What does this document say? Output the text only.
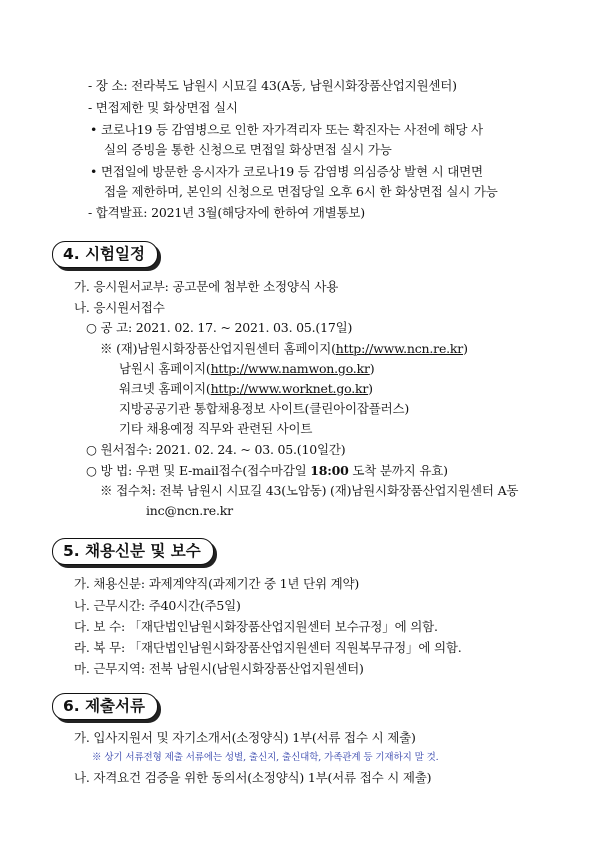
- 장 소: 전라북도 남원시 시묘길 43(A동, 남원시화장품산업지원센터)
- 면접제한 및 화상면접 실시
• 코로나19 등 감염병으로 인한 자가격리자 또는 확진자는 사전에 해당 사
실의 증빙을 통한 신청으로 면접일 화상면접 실시 가능
• 면접일에 방문한 응시자가 코로나19 등 감염병 의심증상 발현 시 대면면
접을 제한하며, 본인의 신청으로 면접당일 오후 6시 한 화상면접 실시 가능
- 합격발표: 2021년 3월(해당자에 한하여 개별통보)
4. 시험일정
가. 응시원서교부: 공고문에 첨부한 소정양식 사용
나. 응시원서접수
○ 공 고: 2021. 02. 17. ~ 2021. 03. 05.(17일)
※ (재)남원시화장품산업지원센터 홈페이지(http://www.ncn.re.kr)
남원시 홈페이지(http://www.namwon.go.kr)
워크넷 홈페이지(http://www.worknet.go.kr)
지방공공기관 통합채용정보 사이트(클린아이잡플러스)
기타 채용예정 직무와 관련된 사이트
○ 원서접수: 2021. 02. 24. ~ 03. 05.(10일간)
○ 방 법: 우편 및 E-mail접수(접수마감일 18:00 도착 분까지 유효)
※ 접수처: 전북 남원시 시묘길 43(노암동) (재)남원시화장품산업지원센터 A동
inc@ncn.re.kr
5. 채용신분 및 보수
가. 채용신분: 과제계약직(과제기간 중 1년 단위 계약)
나. 근무시간: 주40시간(주5일)
다. 보 수: 「재단법인남원시화장품산업지원센터 보수규정」에 의함.
라. 복 무: 「재단법인남원시화장품산업지원센터 직원복무규정」에 의함.
마. 근무지역: 전북 남원시(남원시화장품산업지원센터)
6. 제출서류
가. 입사지원서 및 자기소개서(소정양식) 1부(서류 접수 시 제출)
※ 상기 서류전형 제출 서류에는 성별, 출신지, 출신대학, 가족관계 등 기재하지 말 것.
나. 자격요건 검증을 위한 동의서(소정양식) 1부(서류 접수 시 제출)
